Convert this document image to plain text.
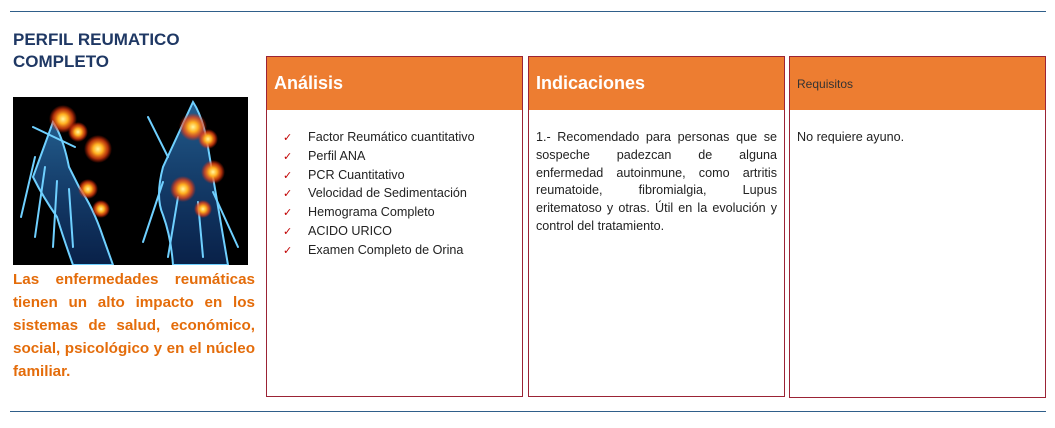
PERFIL REUMATICO
COMPLETO

Las enfermedades reumáticas tienen un alto impacto en los sistemas de salud, económico, social, psicológico y en el núcleo familiar.

Análisis
✓	Factor Reumático cuantitativo
✓	Perfil ANA
✓	PCR Cuantitativo
✓	Velocidad de Sedimentación
✓	Hemograma Completo
✓	ACIDO URICO
✓	Examen Completo de Orina
Indicaciones

1.- Recomendado para personas que se sospeche padezcan de alguna enfermedad autoinmune, como artritis reumatoide, fibromialgia, Lupus eritematoso y otras. Útil en la evolución y control del tratamiento.

Requisitos

No requiere ayuno.
